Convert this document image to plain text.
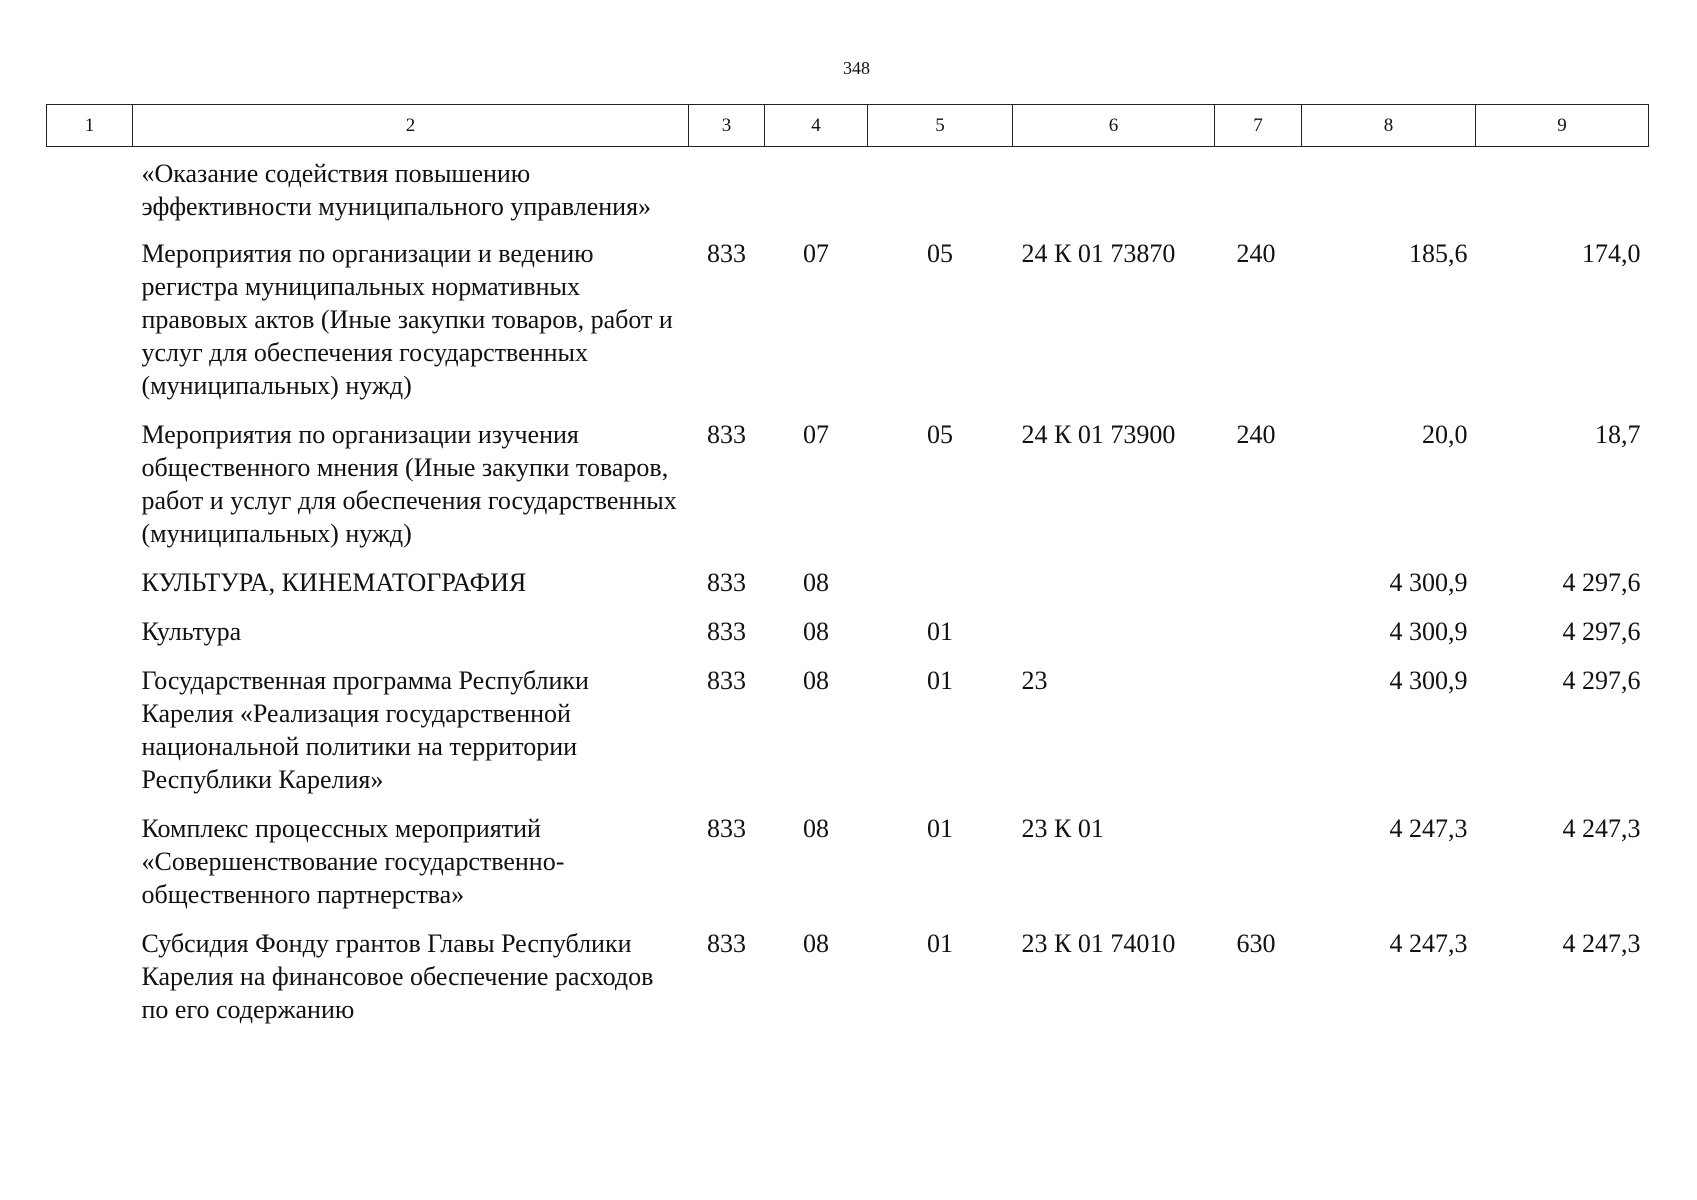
348
1	2	3	4	5	6	7	8	9
	«Оказание содействия повышению эффективности муниципального управления»							
	Мероприятия по организации и ведению регистра муниципальных нормативных правовых актов (Иные закупки товаров, работ и услуг для обеспечения государственных (муниципальных) нужд)	833	07	05	24 К 01 73870	240	185,6	174,0
	Мероприятия по организации изучения общественного мнения (Иные закупки товаров, работ и услуг для обеспечения государственных (муниципальных) нужд)	833	07	05	24 К 01 73900	240	20,0	18,7
	КУЛЬТУРА, КИНЕМАТОГРАФИЯ	833	08				4 300,9	4 297,6
	Культура	833	08	01			4 300,9	4 297,6
	Государственная программа Республики Карелия «Реализация государственной национальной политики на территории Республики Карелия»	833	08	01	23		4 300,9	4 297,6
	Комплекс процессных мероприятий «Совершенствование государственно-общественного партнерства»	833	08	01	23 К 01		4 247,3	4 247,3
	Субсидия Фонду грантов Главы Республики Карелия на финансовое обеспечение расходов по его содержанию	833	08	01	23 К 01 74010	630	4 247,3	4 247,3
